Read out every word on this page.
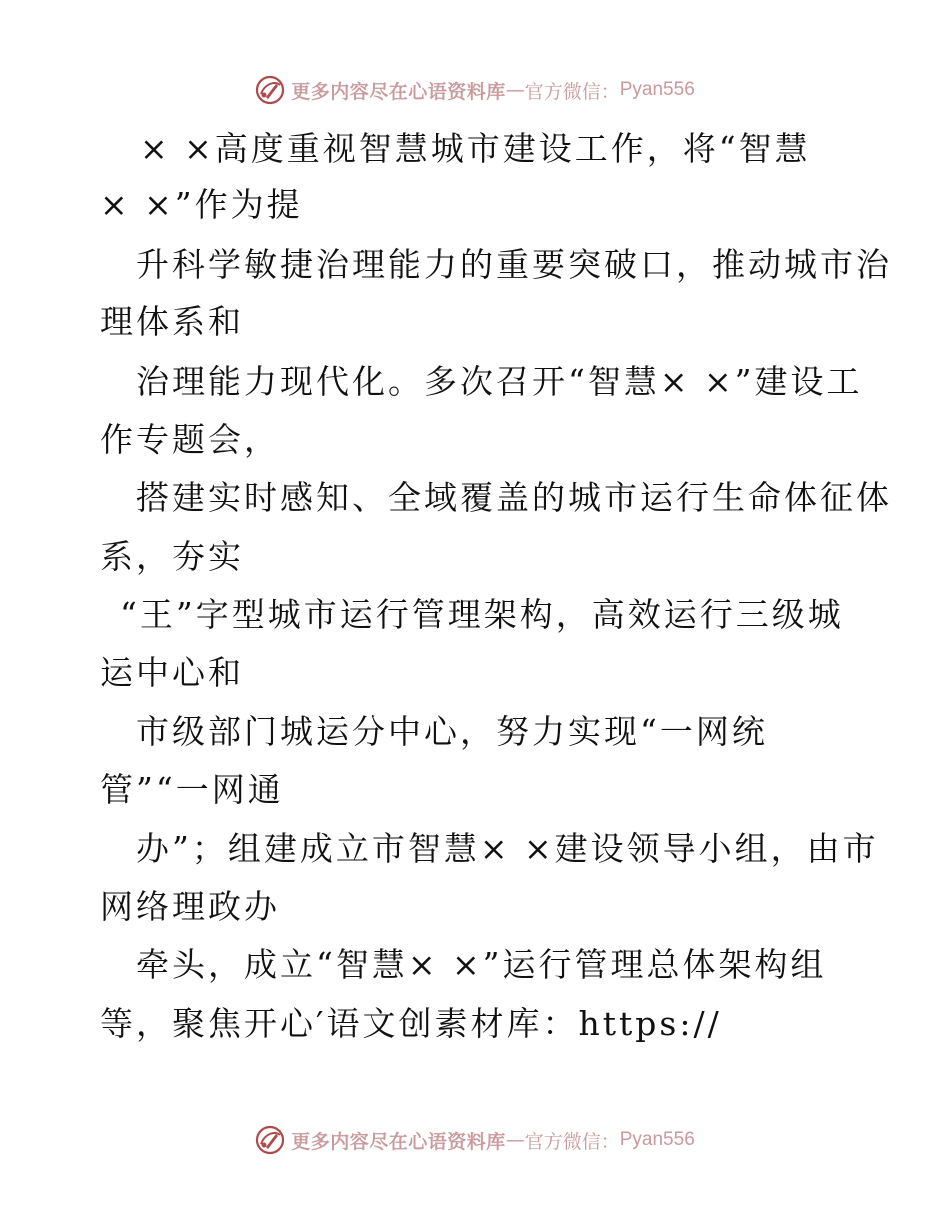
更多内容尽在心语资料库 — 官方微信： Pyan556
× ×高度重视智慧城市建设工作，将“智慧
× ×”作为提
升科学敏捷治理能力的重要突破口，推动城市治
理体系和
治理能力现代化。多次召开“智慧× ×”建设工
作专题会，
搭建实时感知、全域覆盖的城市运行生命体征体
系，夯实
“王”字型城市运行管理架构，高效运行三级城
运中心和
市级部门城运分中心，努力实现“一网统
管”“一网通
办”；组建成立市智慧× ×建设领导小组，由市
网络理政办
牵头，成立“智慧× ×”运行管理总体架构组
等，聚焦开心′语文创素材库：https://
更多内容尽在心语资料库 — 官方微信： Pyan556
